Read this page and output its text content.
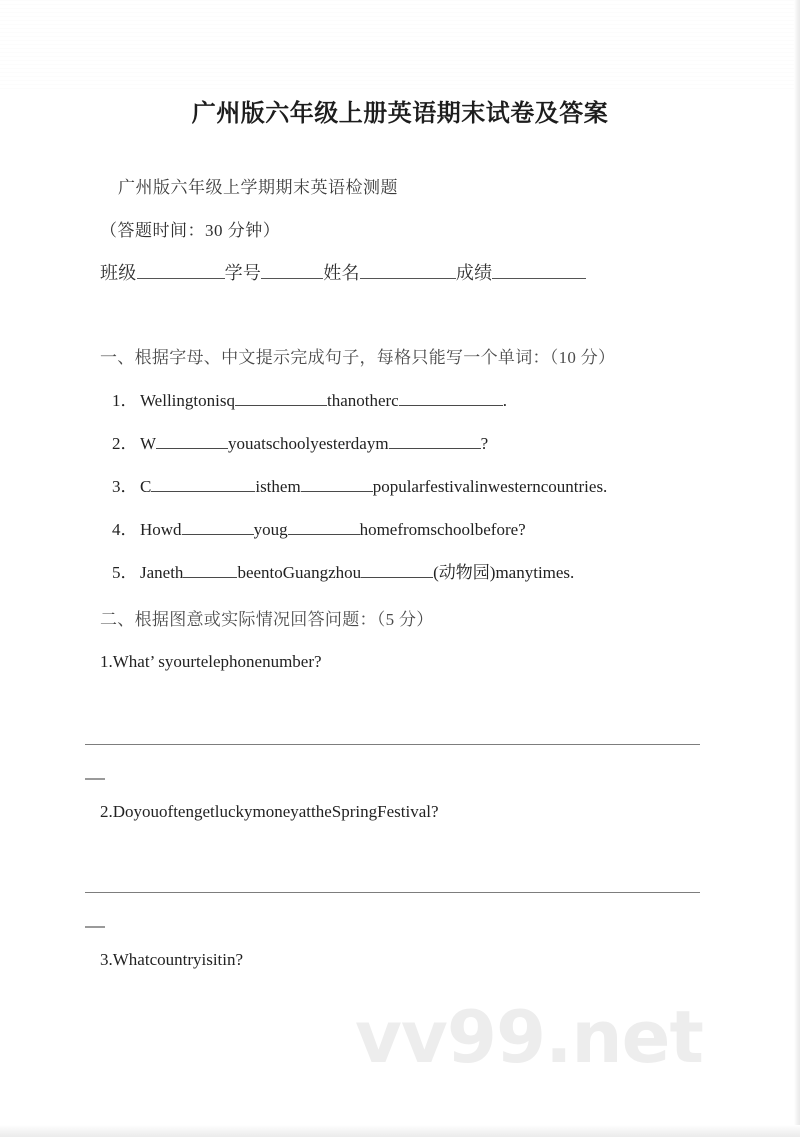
vv99.net
广州版六年级上册英语期末试卷及答案

广州版六年级上学期期末英语检测题

（答题时间：30 分钟）

班级	学号	姓名	成绩

一、根据字母、中文提示完成句子，每格只能写一个单词：（10 分）

1． Wellingtonisq	thanotherc	.

2． W	youatschoolyesterdaym	?

3． C	isthem	popularfestivalinwesterncountries.

4． Howd	youg	homefromschoolbefore?

5． Janeth	beentoGuangzhou	(动物园)manytimes.

二、根据图意或实际情况回答问题：（5 分）

1.What’ syourtelephonenumber?

2.DoyouoftengetluckymoneyattheSpringFestival?

3.Whatcountryisitin?
